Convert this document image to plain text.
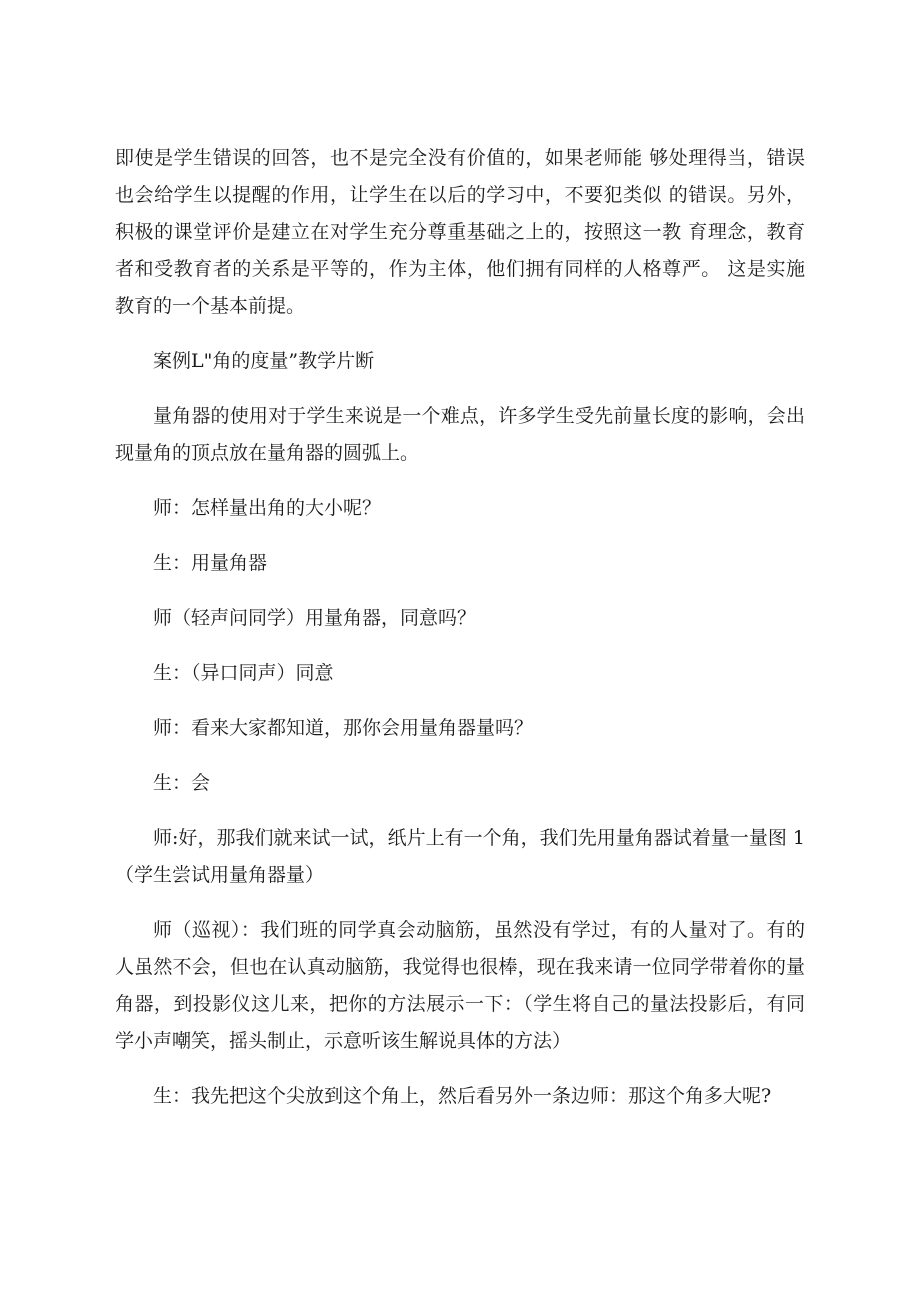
即使是学生错误的回答，也不是完全没有价值的，如果老师能 够处理得当，错误也会给学生以提醒的作用，让学生在以后的学习中，不要犯类似 的错误。另外，积极的课堂评价是建立在对学生充分尊重基础之上的，按照这一教 育理念，教育者和受教育者的关系是平等的，作为主体，他们拥有同样的人格尊严。 这是实施教育的一个基本前提。

案例L"角的度量”教学片断

量角器的使用对于学生来说是一个难点，许多学生受先前量长度的影响，会出 现量角的顶点放在量角器的圆弧上。

师：怎样量出角的大小呢？

生：用量角器

师（轻声问同学）用量角器，同意吗？

生：（异口同声）同意

师：看来大家都知道，那你会用量角器量吗？

生：会

师:好，那我们就来试一试，纸片上有一个角，我们先用量角器试着量一量图 1（学生尝试用量角器量）

师（巡视）：我们班的同学真会动脑筋，虽然没有学过，有的人量对了。有的 人虽然不会，但也在认真动脑筋，我觉得也很棒，现在我来请一位同学带着你的量 角器，到投影仪这儿来，把你的方法展示一下：（学生将自己的量法投影后，有同 学小声嘲笑，摇头制止，示意听该生解说具体的方法）

生：我先把这个尖放到这个角上，然后看另外一条边师：那这个角多大呢?
